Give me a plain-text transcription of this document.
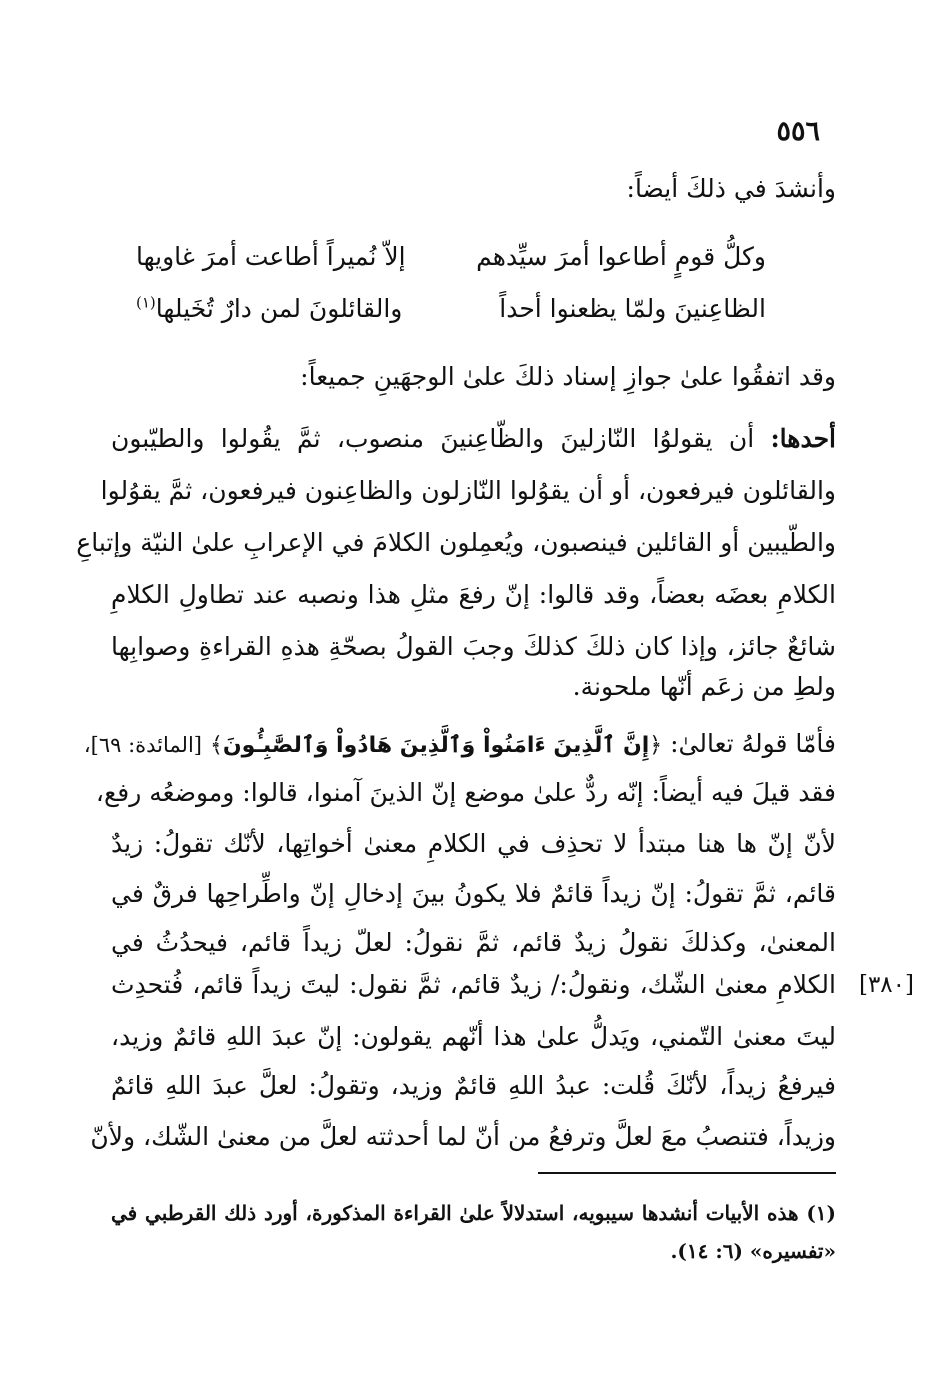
٥٥٦
وأنشدَ في ذلكَ أيضاً:
وكلُّ قومٍ أطاعوا أمرَ سيِّدهم
إلاّ نُميراً أطاعت أمرَ غاويها
الظاعِنينَ ولمّا يظعنوا أحداً
والقائلونَ لمن دارٌ تُخَيلها$^{(١)}$
وقد اتفقُوا علىٰ جوازِ إسناد ذلكَ علىٰ الوجهَينِ جميعاً:
أحدها: أن يقولوُا النّازلينَ والظّاعِنينَ منصوب، ثمَّ يقُولوا والطيّبون
والقائلون فيرفعون، أو أن يقوُلوا النّازلون والظاعِنون فيرفعون، ثمَّ يقوُلوا
والطّيبين أو القائلين فينصبون، ويُعمِلون الكلامَ في الإعرابِ علىٰ النيّة وإتباعِ
الكلامِ بعضَه بعضاً، وقد قالوا: إنّ رفعَ مثلِ هذا ونصبه عند تطاولِ الكلامِ
شائعٌ جائز، وإذا كان ذلكَ كذلكَ وجبَ القولُ بصحّةِ هذهِ القراءةِ وصوابِها
ولطِ من زعَم أنّها ملحونة.
فأمّا قولهُ تعالىٰ: ﴿إِنَّ ٱلَّذِينَ ءَامَنُواْ وَٱلَّذِينَ هَادُواْ وَٱلصَّٰبِـُٔونَ﴾ [المائدة: ٦٩]،
فقد قيلَ فيه أيضاً: إنّه ردٌّ علىٰ موضع إنّ الذينَ آمنوا، قالوا: وموضعُه رفع،
لأنّ إنّ ها هنا مبتدأ لا تحذِف في الكلامِ معنىٰ أخواتِها، لأنّك تقولُ: زيدٌ
قائم، ثمَّ تقولُ: إنّ زيداً قائمٌ فلا يكونُ بينَ إدخالِ إنّ واطِّراحِها فرقٌ في
المعنىٰ، وكذلكَ نقولُ زيدٌ قائم، ثمَّ نقولُ: لعلّ زيداً قائم، فيحدُثُ في
الكلامِ معنىٰ الشّك، ونقولُ:/ زيدٌ قائم، ثمَّ نقول: ليتَ زيداً قائم، فُتحدِث
ليتَ معنىٰ التّمني، ويَدلُّ علىٰ هذا أنّهم يقولون: إنّ عبدَ اللهِ قائمٌ وزيد،
فيرفعُ زيداً، لأنّكَ قُلت: عبدُ اللهِ قائمٌ وزيد، وتقولُ: لعلَّ عبدَ اللهِ قائمٌ
وزيداً، فتنصبُ معَ لعلَّ وترفعُ من أنّ لما أحدثته لعلَّ من معنىٰ الشّك، ولأنّ
[٣٨٠]
(١) هذه الأبيات أنشدها سيبويه، استدلالاً علىٰ القراءة المذكورة، أورد ذلك القرطبي في
«تفسيره» (٦: ١٤).
